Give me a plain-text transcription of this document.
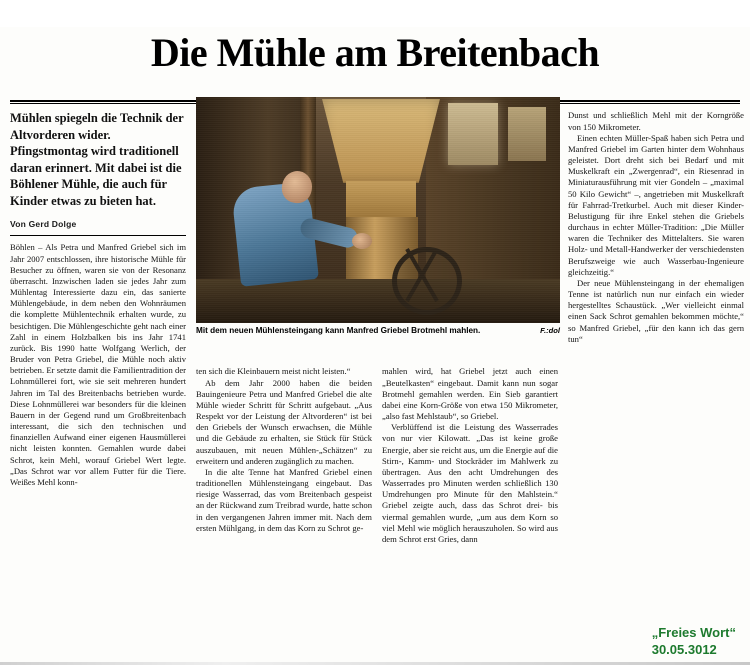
Die Mühle am Breitenbach
Mühlen spiegeln die Technik der Altvorderen wider. Pfingstmontag wird traditionell daran erinnert. Mit dabei ist die Böhlener Mühle, die auch für Kinder etwas zu bieten hat.
Von Gerd Dolge

Böhlen – Als Petra und Manfred Griebel sich im Jahr 2007 entschlossen, ihre historische Mühle für Besucher zu öffnen, waren sie von der Resonanz überrascht. Inzwischen laden sie jedes Jahr zum Mühlentag Interessierte dazu ein, das sanierte Mühlengebäude, in dem neben den Wohnräumen die komplette Mühlentechnik erhalten wurde, zu besichtigen. Die Mühlengeschichte geht nach einer Zahl in einem Holzbalken bis ins Jahr 1741 zurück. Bis 1990 hatte Wolfgang Werlich, der Bruder von Petra Griebel, die Mühle noch aktiv betrieben. Er setzte damit die Familientradition der Lohnmüllerei fort, wie sie seit mehreren hundert Jahren im Tal des Breitenbachs betrieben wurde. Diese Lohnmüllerei war besonders für die kleinen Bauern in der Gegend rund um Großbreitenbach interessant, die sich den technischen und finanziellen Aufwand einer eigenen Hausmüllerei nicht leisten konnten. Gemahlen wurde dabei Schrot, kein Mehl, worauf Griebel Wert legte. „Das Schrot war vor allem Futter für die Tiere. Weißes Mehl konn-

ten sich die Kleinbauern meist nicht leisten.“

Ab dem Jahr 2000 haben die beiden Bauingenieure Petra und Manfred Griebel die alte Mühle wieder Schritt für Schritt aufgebaut. „Aus Respekt vor der Leistung der Altvorderen“ ist bei den Griebels der Wunsch erwachsen, die Mühle und die Gebäude zu erhalten, sie Stück für Stück auszubauen, mit neuen Mühlen-„Schätzen“ zu erweitern und anderen zugänglich zu machen.

In die alte Tenne hat Manfred Griebel einen traditionellen Mühlensteingang eingebaut. Das riesige Wasserrad, das vom Breitenbach gespeist an der Rückwand zum Treibrad wurde, hatte schon in den vergangenen Jahren immer mit. Nach dem ersten Mühlgang, in dem das Korn zu Schrot ge-

mahlen wird, hat Griebel jetzt auch einen „Beutelkasten“ eingebaut. Damit kann nun sogar Brotmehl gemahlen werden. Ein Sieb garantiert dabei eine Korn-Größe von etwa 150 Mikrometer, „also fast Mehlstaub“, so Griebel.

Verblüffend ist die Leistung des Wasserrades von nur vier Kilowatt. „Das ist keine große Energie, aber sie reicht aus, um die Energie auf die Stirn-, Kamm- und Stockräder im Mahlwerk zu übertragen. Aus den acht Umdrehungen des Wasserrades pro Minuten werden schließlich 130 Umdrehungen pro Minute für den Mahlstein.“ Griebel zeigte auch, dass das Schrot drei- bis viermal gemahlen wurde, „um aus dem Korn so viel Mehl wie möglich herauszuholen. So wird aus dem Schrot erst Gries, dann

Dunst und schließlich Mehl mit der Korngröße von 150 Mikrometer.

Einen echten Müller-Spaß haben sich Petra und Manfred Griebel im Garten hinter dem Wohnhaus geleistet. Dort dreht sich bei Bedarf und mit Muskelkraft ein „Zwergenrad“, ein Riesenrad in Miniaturausführung mit vier Gondeln – „maximal 50 Kilo Gewicht“ –, angetrieben mit Muskelkraft für Fahrrad-Tretkurbel. Auch mit dieser Kinder-Belustigung für ihre Enkel stehen die Griebels durchaus in echter Müller-Tradition: „Die Müller waren die Techniker des Mittelalters. Sie waren Holz- und Metall-Handwerker der verschiedensten Berufszweige wie auch Wasserbau-Ingenieure gleichzeitig.“

Der neue Mühlensteingang in der ehemaligen Tenne ist natürlich nun nur einfach ein wieder hergestelltes Schaustück. „Wer vielleicht einmal einen Sack Schrot gemahlen bekommen möchte,“ so Manfred Griebel, „für den kann ich das gern tun“

Mit dem neuen Mühlensteingang kann Manfred Griebel Brotmehl mahlen.	F.:dol
„Freies Wort“
30.05.3012
